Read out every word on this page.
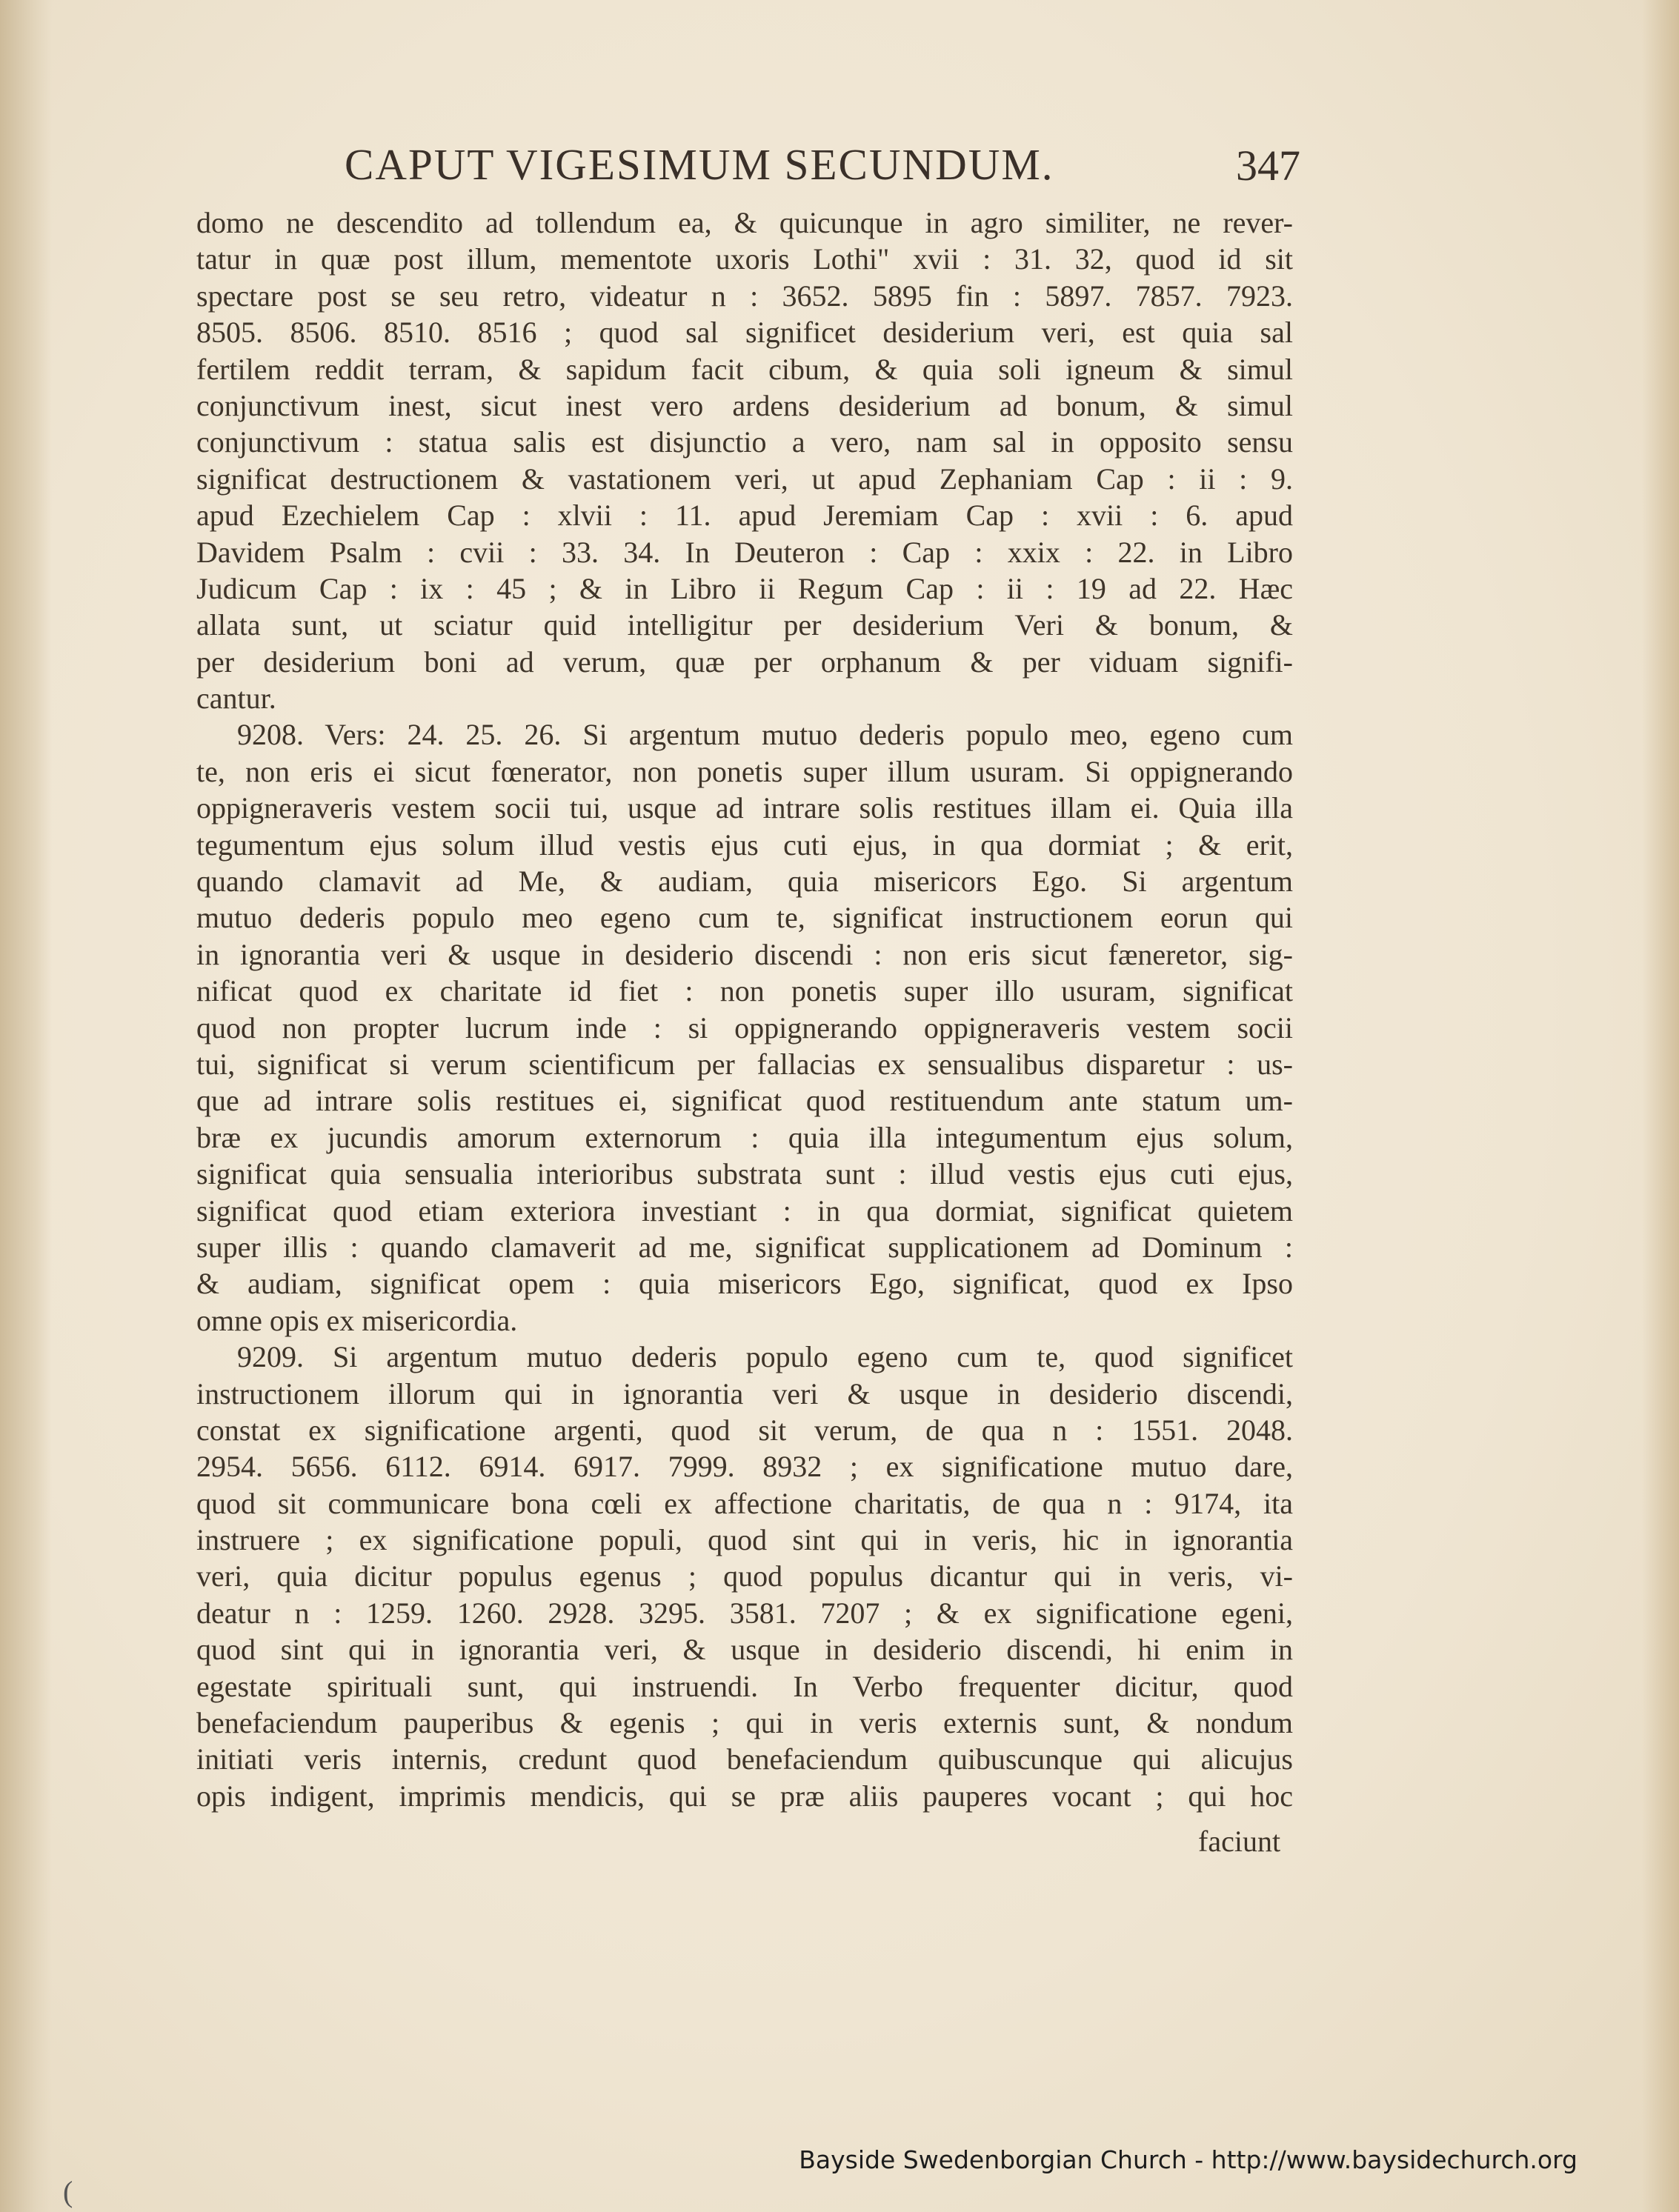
CAPUT VIGESIMUM SECUNDUM.	347
domo ne descendito ad tollendum ea, & quicunque in agro similiter, ne rever-
tatur in quæ post illum, mementote uxoris Lothi" xvii : 31. 32, quod id sit
spectare post se seu retro, videatur n : 3652. 5895 fin : 5897. 7857. 7923.
8505. 8506. 8510. 8516 ; quod sal significet desiderium veri, est quia sal
fertilem reddit terram, & sapidum facit cibum, & quia soli igneum & simul
conjunctivum inest, sicut inest vero ardens desiderium ad bonum, & simul
conjunctivum : statua salis est disjunctio a vero, nam sal in opposito sensu
significat destructionem & vastationem veri, ut apud Zephaniam Cap : ii : 9.
apud Ezechielem Cap : xlvii : 11. apud Jeremiam Cap : xvii : 6. apud
Davidem Psalm : cvii : 33. 34. In Deuteron : Cap : xxix : 22. in Libro
Judicum Cap : ix : 45 ; & in Libro ii Regum Cap : ii : 19 ad 22. Hæc
allata sunt, ut sciatur quid intelligitur per desiderium Veri & bonum, &
per desiderium boni ad verum, quæ per orphanum & per viduam signifi-
cantur.
9208. Vers: 24. 25. 26. Si argentum mutuo dederis populo meo, egeno cum
te, non eris ei sicut fœnerator, non ponetis super illum usuram. Si oppignerando
oppigneraveris vestem socii tui, usque ad intrare solis restitues illam ei. Quia illa
tegumentum ejus solum illud vestis ejus cuti ejus, in qua dormiat ; & erit,
quando clamavit ad Me, & audiam, quia misericors Ego. Si argentum
mutuo dederis populo meo egeno cum te, significat instructionem eorun qui
in ignorantia veri & usque in desiderio discendi : non eris sicut fæneretor, sig-
nificat quod ex charitate id fiet : non ponetis super illo usuram, significat
quod non propter lucrum inde : si oppignerando oppigneraveris vestem socii
tui, significat si verum scientificum per fallacias ex sensualibus disparetur : us-
que ad intrare solis restitues ei, significat quod restituendum ante statum um-
bræ ex jucundis amorum externorum : quia illa integumentum ejus solum,
significat quia sensualia interioribus substrata sunt : illud vestis ejus cuti ejus,
significat quod etiam exteriora investiant : in qua dormiat, significat quietem
super illis : quando clamaverit ad me, significat supplicationem ad Dominum :
& audiam, significat opem : quia misericors Ego, significat, quod ex Ipso
omne opis ex misericordia.
9209. Si argentum mutuo dederis populo egeno cum te, quod significet
instructionem illorum qui in ignorantia veri & usque in desiderio discendi,
constat ex significatione argenti, quod sit verum, de qua n : 1551. 2048.
2954. 5656. 6112. 6914. 6917. 7999. 8932 ; ex significatione mutuo dare,
quod sit communicare bona cœli ex affectione charitatis, de qua n : 9174, ita
instruere ; ex significatione populi, quod sint qui in veris, hic in ignorantia
veri, quia dicitur populus egenus ; quod populus dicantur qui in veris, vi-
deatur n : 1259. 1260. 2928. 3295. 3581. 7207 ; & ex significatione egeni,
quod sint qui in ignorantia veri, & usque in desiderio discendi, hi enim in
egestate spirituali sunt, qui instruendi. In Verbo frequenter dicitur, quod
benefaciendum pauperibus & egenis ; qui in veris externis sunt, & nondum
initiati veris internis, credunt quod benefaciendum quibuscunque qui alicujus
opis indigent, imprimis mendicis, qui se præ aliis pauperes vocant ; qui hoc
faciunt
Bayside Swedenborgian Church - http://www.baysidechurch.org
(
